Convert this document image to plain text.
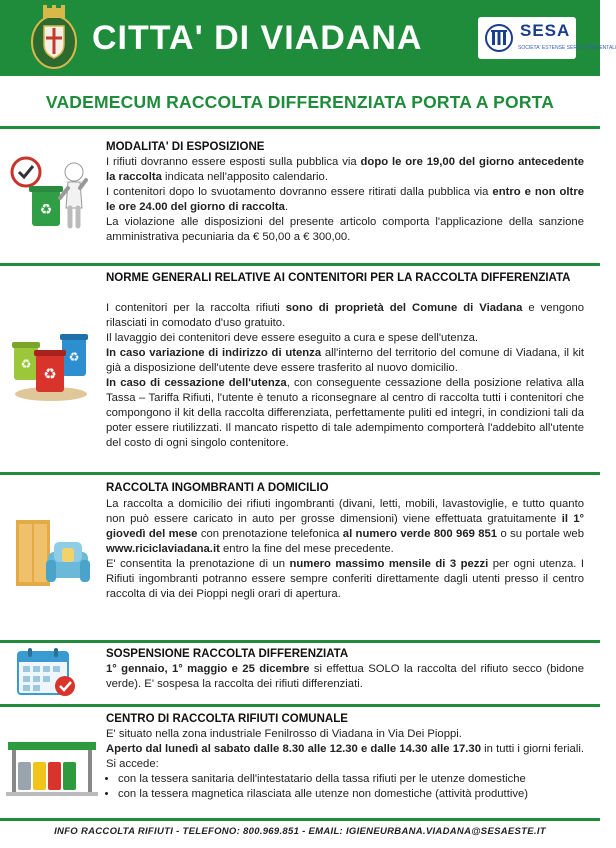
CITTA' DI VIADANA	SESA
SOCIETA' ESTENSE SERVIZI AMBIENTALI
VADEMECUM RACCOLTA DIFFERENZIATA PORTA A PORTA
♻
MODALITA' DI ESPOSIZIONE

I rifiuti dovranno essere esposti sulla pubblica via dopo le ore 19,00 del giorno antecedente la raccolta indicata nell'apposito calendario.

I contenitori dopo lo svuotamento dovranno essere ritirati dalla pubblica via entro e non oltre le ore 24.00 del giorno di raccolta.

La violazione alle disposizioni del presente articolo comporta l'applicazione della sanzione amministrativa pecuniaria da € 50,00 a € 300,00.

♻
♻	♻
NORME GENERALI RELATIVE AI CONTENITORI PER LA RACCOLTA DIFFERENZIATA

I contenitori per la raccolta rifiuti sono di proprietà del Comune di Viadana e vengono rilasciati in comodato d'uso gratuito.

Il lavaggio dei contenitori deve essere eseguito a cura e spese dell'utenza.

In caso variazione di indirizzo di utenza all'interno del territorio del comune di Viadana, il kit già a disposizione dell'utente deve essere trasferito al nuovo domicilio.

In caso di cessazione dell'utenza, con conseguente cessazione della posizione relativa alla Tassa – Tariffa Rifiuti, l'utente è tenuto a riconsegnare al centro di raccolta tutti i contenitori che compongono il kit della raccolta differenziata, perfettamente puliti ed integri, in condizioni tali da poter essere riutilizzati. Il mancato rispetto di tale adempimento comporterà l'addebito all'utente del costo di ogni singolo contenitore.

RACCOLTA INGOMBRANTI A DOMICILIO

La raccolta a domicilio dei rifiuti ingombranti (divani, letti, mobili, lavastoviglie, e tutto quanto non può essere caricato in auto per grosse dimensioni) viene effettuata gratuitamente il 1° giovedì del mese con prenotazione telefonica al numero verde 800 969 851 o su portale web www.riciclaviadana.it entro la fine del mese precedente.

E' consentita la prenotazione di un numero massimo mensile di 3 pezzi per ogni utenza. I Rifiuti ingombranti potranno essere sempre conferiti direttamente dagli utenti presso il centro raccolta di via dei Pioppi negli orari di apertura.

SOSPENSIONE RACCOLTA DIFFERENZIATA

1° gennaio, 1° maggio e 25 dicembre si effettua SOLO la raccolta del rifiuto secco (bidone verde). E' sospesa la raccolta dei rifiuti differenziati.

CENTRO DI RACCOLTA RIFIUTI COMUNALE

E' situato nella zona industriale Fenilrosso di Viadana in Via Dei Pioppi.

Aperto dal lunedì al sabato dalle 8.30 alle 12.30 e dalle 14.30 alle 17.30 in tutti i giorni feriali. Si accede:

• con la tessera sanitaria dell'intestatario della tassa rifiuti per le utenze domestiche
• con la tessera magnetica rilasciata alle utenze non domestiche (attività produttive)
INFO RACCOLTA RIFIUTI - TELEFONO: 800.969.851 - EMAIL: IGIENEURBANA.VIADANA@SESAESTE.IT
